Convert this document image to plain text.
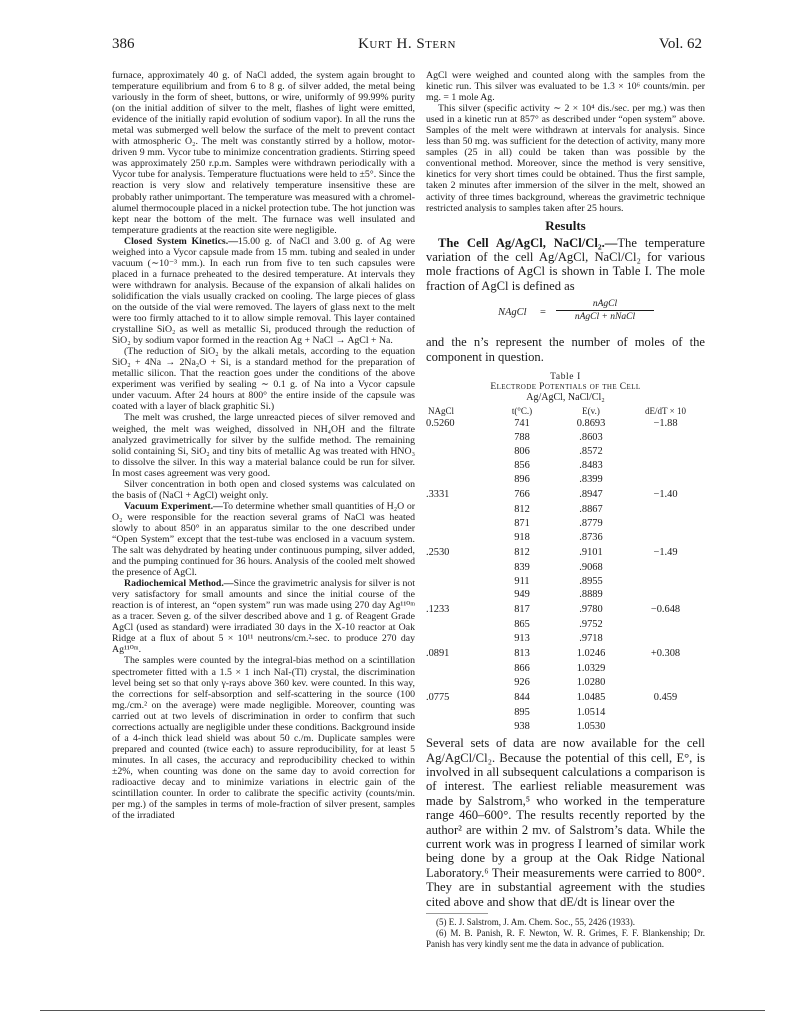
386	Kurt H. Stern	Vol. 62

furnace, approximately 40 g. of NaCl added, the system again brought to temperature equilibrium and from 6 to 8 g. of silver added, the metal being variously in the form of sheet, buttons, or wire, uniformly of 99.99% purity (on the initial addition of silver to the melt, flashes of light were emitted, evidence of the initially rapid evolution of sodium vapor). In all the runs the metal was submerged well below the surface of the melt to prevent contact with atmospheric O₂. The melt was constantly stirred by a hollow, motor-driven 9 mm. Vycor tube to minimize concentration gradients. Stirring speed was approximately 250 r.p.m. Samples were withdrawn periodically with a Vycor tube for analysis. Temperature fluctuations were held to ±5°. Since the reaction is very slow and relatively temperature insensitive these are probably rather unimportant. The temperature was measured with a chromel-alumel thermocouple placed in a nickel protection tube. The hot junction was kept near the bottom of the melt. The furnace was well insulated and temperature gradients at the reaction site were negligible.

Closed System Kinetics.—15.00 g. of NaCl and 3.00 g. of Ag were weighed into a Vycor capsule made from 15 mm. tubing and sealed in under vacuum (∼10⁻³ mm.). In each run from five to ten such capsules were placed in a furnace preheated to the desired temperature. At intervals they were withdrawn for analysis. Because of the expansion of alkali halides on solidification the vials usually cracked on cooling. The large pieces of glass on the outside of the vial were removed. The layers of glass next to the melt were too firmly attached to it to allow simple removal. This layer contained crystalline SiO₂ as well as metallic Si, produced through the reduction of SiO₂ by sodium vapor formed in the reaction Ag + NaCl → AgCl + Na.

(The reduction of SiO₂ by the alkali metals, according to the equation SiO₂ + 4Na → 2Na₂O + Si, is a standard method for the preparation of metallic silicon. That the reaction goes under the conditions of the above experiment was verified by sealing ∼ 0.1 g. of Na into a Vycor capsule under vacuum. After 24 hours at 800° the entire inside of the capsule was coated with a layer of black graphitic Si.)

The melt was crushed, the large unreacted pieces of silver removed and weighed, the melt was weighed, dissolved in NH₄OH and the filtrate analyzed gravimetrically for silver by the sulfide method. The remaining solid containing Si, SiO₂ and tiny bits of metallic Ag was treated with HNO₃ to dissolve the silver. In this way a material balance could be run for silver. In most cases agreement was very good.

Silver concentration in both open and closed systems was calculated on the basis of (NaCl + AgCl) weight only.

Vacuum Experiment.—To determine whether small quantities of H₂O or O₂ were responsible for the reaction several grams of NaCl was heated slowly to about 850° in an apparatus similar to the one described under “Open System” except that the test-tube was enclosed in a vacuum system. The salt was dehydrated by heating under continuous pumping, silver added, and the pumping continued for 36 hours. Analysis of the cooled melt showed the presence of AgCl.

Radiochemical Method.—Since the gravimetric analysis for silver is not very satisfactory for small amounts and since the initial course of the reaction is of interest, an “open system” run was made using 270 day Ag¹¹⁰ᵐ as a tracer. Seven g. of the silver described above and 1 g. of Reagent Grade AgCl (used as standard) were irradiated 30 days in the X-10 reactor at Oak Ridge at a flux of about 5 × 10¹¹ neutrons/cm.²-sec. to produce 270 day Ag¹¹⁰ᵐ.

The samples were counted by the integral-bias method on a scintillation spectrometer fitted with a 1.5 × 1 inch NaI-(Tl) crystal, the discrimination level being set so that only γ-rays above 360 kev. were counted. In this way, the corrections for self-absorption and self-scattering in the source (100 mg./cm.² on the average) were made negligible. Moreover, counting was carried out at two levels of discrimination in order to confirm that such corrections actually are negligible under these conditions. Background inside of a 4-inch thick lead shield was about 50 c./m. Duplicate samples were prepared and counted (twice each) to assure reproducibility, for at least 5 minutes. In all cases, the accuracy and reproducibility checked to within ±2%, when counting was done on the same day to avoid correction for radioactive decay and to minimize variations in electric gain of the scintillation counter. In order to calibrate the specific activity (counts/min. per mg.) of the samples in terms of mole-fraction of silver present, samples of the irradiated

AgCl were weighed and counted along with the samples from the kinetic run. This silver was evaluated to be 1.3 × 10⁶ counts/min. per mg. = 1 mole Ag.

This silver (specific activity ∼ 2 × 10⁴ dis./sec. per mg.) was then used in a kinetic run at 857° as described under “open system” above. Samples of the melt were withdrawn at intervals for analysis. Since less than 50 mg. was sufficient for the detection of activity, many more samples (25 in all) could be taken than was possible by the conventional method. Moreover, since the method is very sensitive, kinetics for very short times could be obtained. Thus the first sample, taken 2 minutes after immersion of the silver in the melt, showed an activity of three times background, whereas the gravimetric technique restricted analysis to samples taken after 25 hours.

Results

The Cell Ag/AgCl, NaCl/Cl₂.—The temperature variation of the cell Ag/AgCl, NaCl/Cl₂ for various mole fractions of AgCl is shown in Table I. The mole fraction of AgCl is defined as

NAgCl =
nAgCl
nAgCl + nNaCl

and the n’s represent the number of moles of the component in question.

Table I
Electrode Potentials of the Cell
Ag/AgCl, NaCl/Cl₂
NAgCl	t(°C.)	E(v.)	dE/dT × 10
0.5260	741	0.8693	−1.88
	788	.8603	
	806	.8572	
	856	.8483	
	896	.8399	
.3331	766	.8947	−1.40
	812	.8867	
	871	.8779	
	918	.8736	
.2530	812	.9101	−1.49
	839	.9068	
	911	.8955	
	949	.8889	
.1233	817	.9780	−0.648
	865	.9752	
	913	.9718	
.0891	813	1.0246	+0.308
	866	1.0329	
	926	1.0280	
.0775	844	1.0485	0.459
	895	1.0514	
	938	1.0530	

Several sets of data are now available for the cell Ag/AgCl/Cl₂. Because the potential of this cell, E°, is involved in all subsequent calculations a comparison is of interest. The earliest reliable measurement was made by Salstrom,⁵ who worked in the temperature range 460–600°. The results recently reported by the author² are within 2 mv. of Salstrom’s data. While the current work was in progress I learned of similar work being done by a group at the Oak Ridge National Laboratory.⁶ Their measurements were carried to 800°. They are in substantial agreement with the studies cited above and show that dE/dt is linear over the

(5) E. J. Salstrom, J. Am. Chem. Soc., 55, 2426 (1933).

(6) M. B. Panish, R. F. Newton, W. R. Grimes, F. F. Blankenship; Dr. Panish has very kindly sent me the data in advance of publication.
